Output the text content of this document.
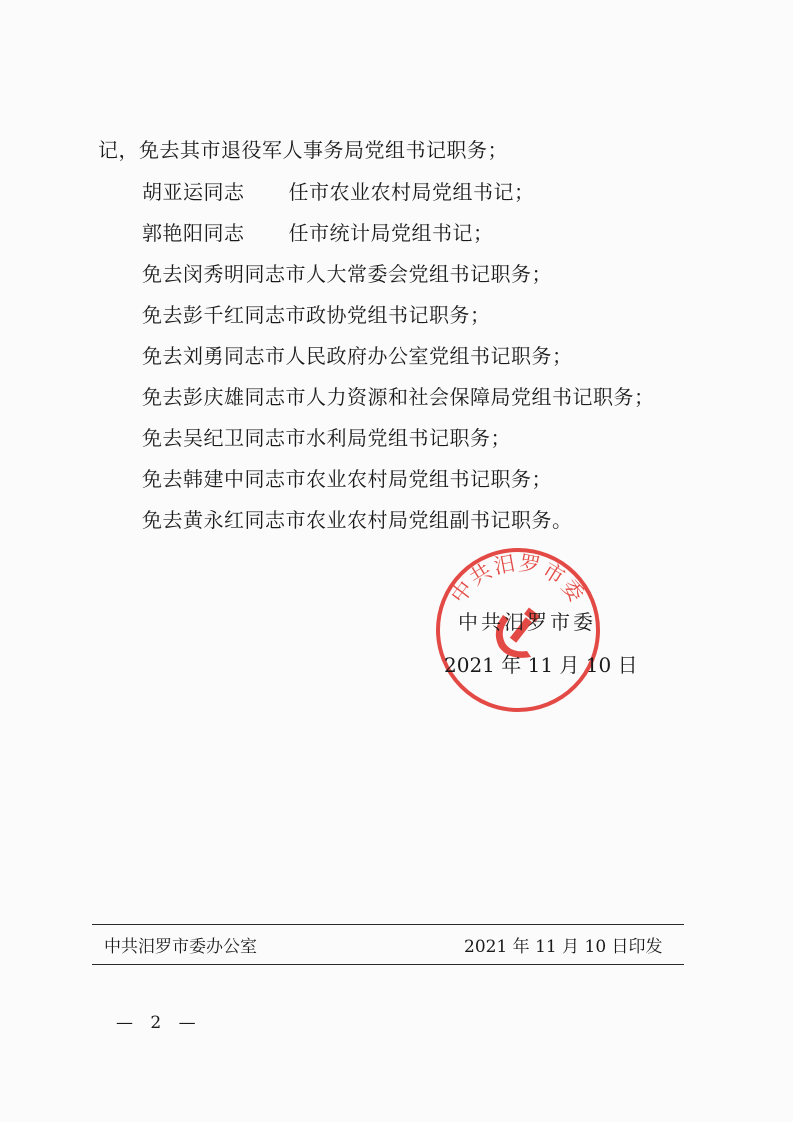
记，免去其市退役军人事务局党组书记职务；
胡亚运同志 任市农业农村局党组书记；
郭艳阳同志 任市统计局党组书记；
免去闵秀明同志市人大常委会党组书记职务；
免去彭千红同志市政协党组书记职务；
免去刘勇同志市人民政府办公室党组书记职务；
免去彭庆雄同志市人力资源和社会保障局党组书记职务；
免去吴纪卫同志市水利局党组书记职务；
免去韩建中同志市农业农村局党组书记职务；
免去黄永红同志市农业农村局党组副书记职务。
中共汨罗市委
中共汨罗市委
2021 年 11 月 10 日
中共汨罗市委办公室	2021 年 11 月 10 日印发
— 2 —
